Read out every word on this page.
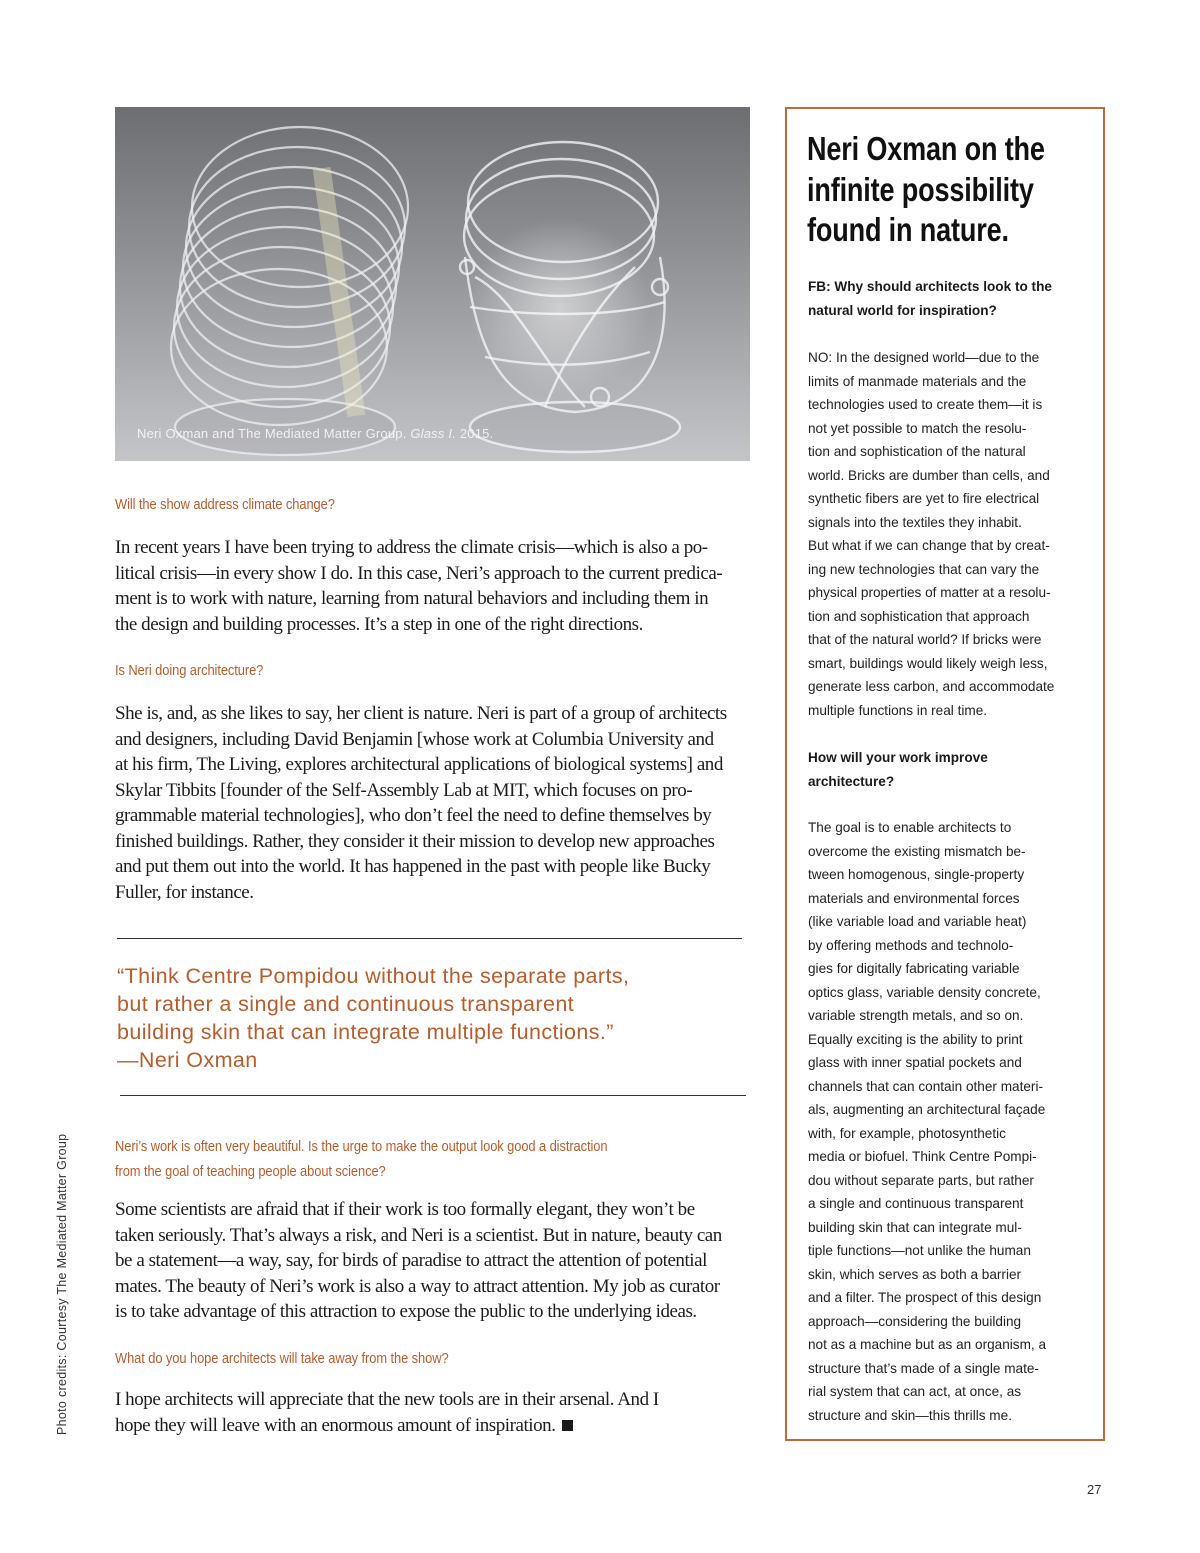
Neri Oxman and The Mediated Matter Group. Glass I. 2015.
Will the show address climate change?

In recent years I have been trying to address the climate crisis—which is also a po-

litical crisis—in every show I do. In this case, Neri’s approach to the current predica-

ment is to work with nature, learning from natural behaviors and including them in

the design and building processes. It’s a step in one of the right directions.

Is Neri doing architecture?

She is, and, as she likes to say, her client is nature. Neri is part of a group of architects

and designers, including David Benjamin [whose work at Columbia University and

at his firm, The Living, explores architectural applications of biological systems] and

Skylar Tibbits [founder of the Self-Assembly Lab at MIT, which focuses on pro-

grammable material technologies], who don’t feel the need to define themselves by

finished buildings. Rather, they consider it their mission to develop new approaches

and put them out into the world. It has happened in the past with people like Bucky

Fuller, for instance.

“Think Centre Pompidou without the separate parts,
but rather a single and continuous transparent
building skin that can integrate multiple functions.”
—Neri Oxman
Neri’s work is often very beautiful. Is the urge to make the output look good a distraction
from the goal of teaching people about science?

Some scientists are afraid that if their work is too formally elegant, they won’t be

taken seriously. That’s always a risk, and Neri is a scientist. But in nature, beauty can

be a statement—a way, say, for birds of paradise to attract the attention of potential

mates. The beauty of Neri’s work is also a way to attract attention. My job as curator

is to take advantage of this attraction to expose the public to the underlying ideas.

What do you hope architects will take away from the show?

I hope architects will appreciate that the new tools are in their arsenal. And I

hope they will leave with an enormous amount of inspiration.

Photo credits: Courtesy The Mediated Matter Group
Neri Oxman on the
infinite possibility
found in nature.
FB: Why should architects look to the
natural world for inspiration?
NO: In the designed world—due to the
limits of manmade materials and the
technologies used to create them—it is
not yet possible to match the resolu-
tion and sophistication of the natural
world. Bricks are dumber than cells, and
synthetic fibers are yet to fire electrical
signals into the textiles they inhabit.
But what if we can change that by creat-
ing new technologies that can vary the
physical properties of matter at a resolu-
tion and sophistication that approach
that of the natural world? If bricks were
smart, buildings would likely weigh less,
generate less carbon, and accommodate
multiple functions in real time.
How will your work improve
architecture?
The goal is to enable architects to
overcome the existing mismatch be-
tween homogenous, single-property
materials and environmental forces
(like variable load and variable heat)
by offering methods and technolo-
gies for digitally fabricating variable
optics glass, variable density concrete,
variable strength metals, and so on.
Equally exciting is the ability to print
glass with inner spatial pockets and
channels that can contain other materi-
als, augmenting an architectural façade
with, for example, photosynthetic
media or biofuel. Think Centre Pompi-
dou without separate parts, but rather
a single and continuous transparent
building skin that can integrate mul-
tiple functions—not unlike the human
skin, which serves as both a barrier
and a filter. The prospect of this design
approach—considering the building
not as a machine but as an organism, a
structure that’s made of a single mate-
rial system that can act, at once, as
structure and skin—this thrills me.
27
